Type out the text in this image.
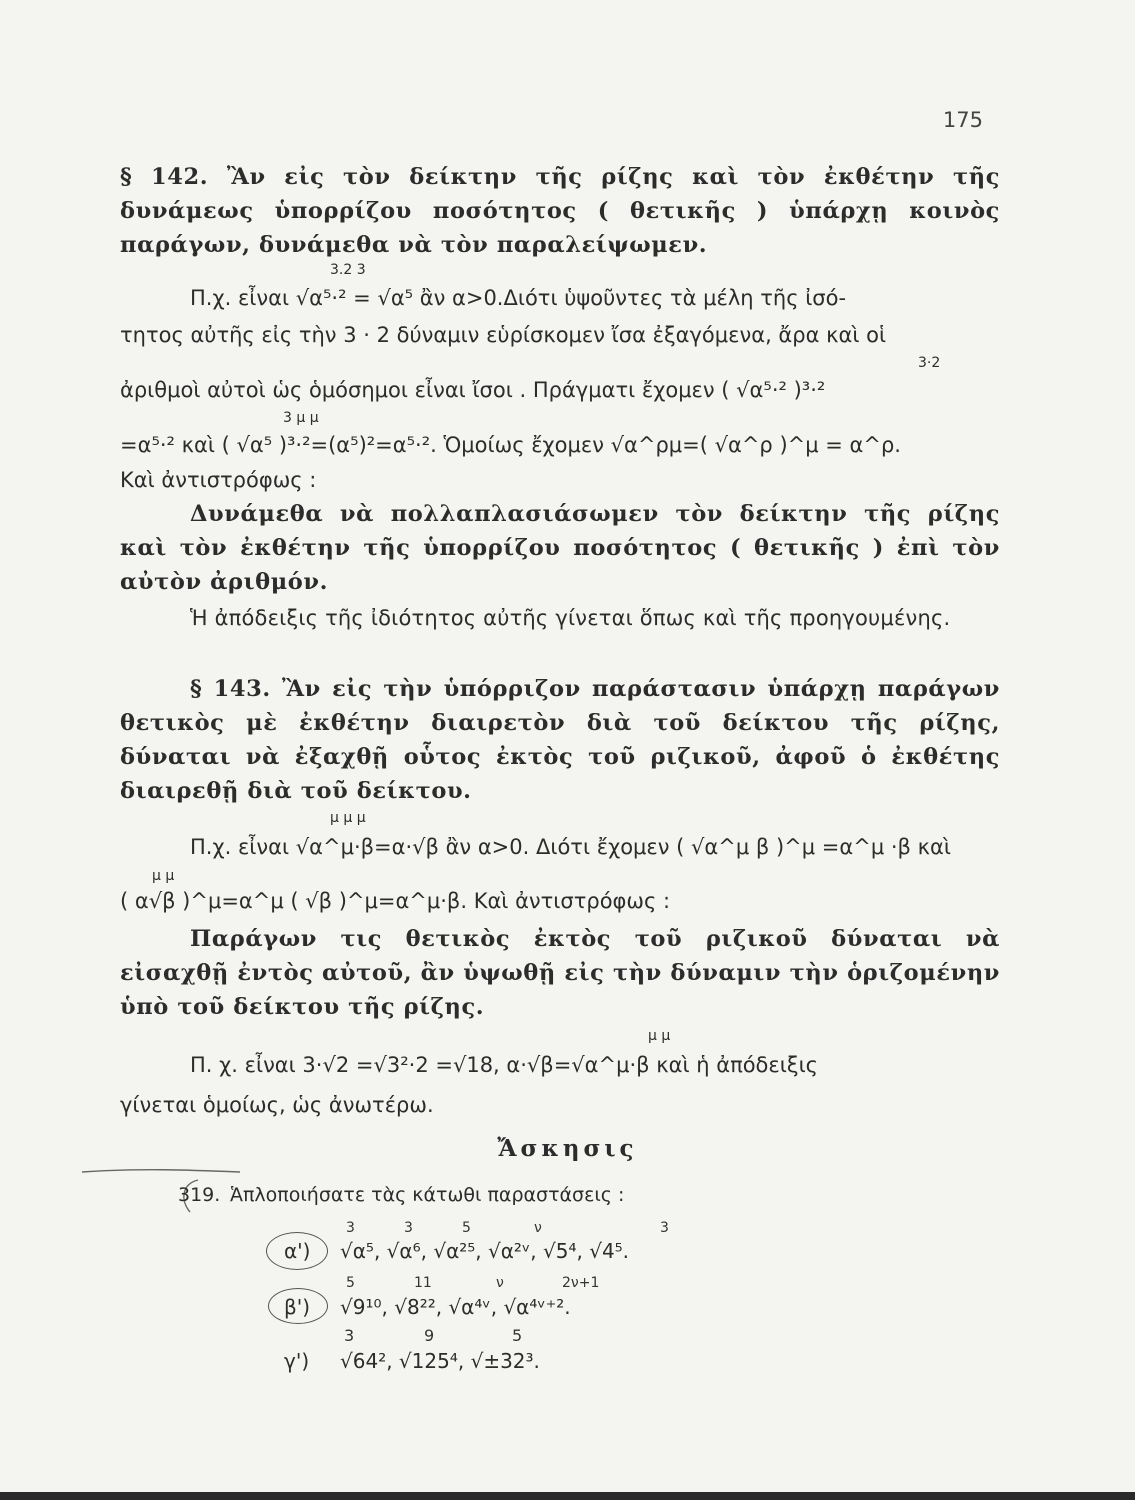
175

§ 142. Ἂν εἰς τὸν δείκτην τῆς ρίζης καὶ τὸν ἐκθέτην τῆς δυνάμεως ὑπορρίζου ποσότητος ( θετικῆς ) ὑπάρχῃ κοινὸς παράγων, δυνάμεθα νὰ τὸν παραλείψωμεν.

3.2 3
Π.χ. εἶναι √α⁵·² = √α⁵ ἂν α>0.Διότι ὑψοῦντες τὰ μέλη τῆς ἰσό-
τητος αὐτῆς εἰς τὴν 3 · 2 δύναμιν εὑρίσκομεν ἴσα ἐξαγόμενα, ἄρα καὶ οἱ
3·2
ἀριθμοὶ αὐτοὶ ὡς ὁμόσημοι εἶναι ἴσοι . Πράγματι ἔχομεν ( √α⁵·² )³·²
3 μ μ
=α⁵·² καὶ ( √α⁵ )³·²=(α⁵)²=α⁵·². Ὁμοίως ἔχομεν √α^ρμ=( √α^ρ )^μ = α^ρ.
Καὶ ἀντιστρόφως :

Δυνάμεθα νὰ πολλαπλασιάσωμεν τὸν δείκτην τῆς ρίζης καὶ τὸν ἐκθέτην τῆς ὑπορρίζου ποσότητος ( θετικῆς ) ἐπὶ τὸν αὐτὸν ἀριθμόν.

Ἡ ἀπόδειξις τῆς ἰδιότητος αὐτῆς γίνεται ὅπως καὶ τῆς προηγουμένης.

§ 143. Ἂν εἰς τὴν ὑπόρριζον παράστασιν ὑπάρχῃ παράγων θετικὸς μὲ ἐκθέτην διαιρετὸν διὰ τοῦ δείκτου τῆς ρίζης, δύναται νὰ ἐξαχθῇ οὗτος ἐκτὸς τοῦ ριζικοῦ, ἀφοῦ ὁ ἐκθέτης διαιρεθῇ διὰ τοῦ δείκτου.

μ μ μ
Π.χ. εἶναι √α^μ·β=α·√β ἂν α>0. Διότι ἔχομεν ( √α^μ β )^μ =α^μ ·β καὶ
μ μ
( α√β )^μ=α^μ ( √β )^μ=α^μ·β. Καὶ ἀντιστρόφως :

Παράγων τις θετικὸς ἐκτὸς τοῦ ριζικοῦ δύναται νὰ εἰσαχθῇ ἐντὸς αὐτοῦ, ἂν ὑψωθῇ εἰς τὴν δύναμιν τὴν ὁριζομένην ὑπὸ τοῦ δείκτου τῆς ρίζης.

μ μ
Π. χ. εἶναι 3·√2 =√3²·2 =√18, α·√β=√α^μ·β καὶ ἡ ἀπόδειξις
γίνεται ὁμοίως, ὡς ἀνωτέρω.
Ἄσκησις
319. Ἁπλοποιήσατε τὰς κάτωθι παραστάσεις :
3	3	5	ν	3
α') √α⁵, √α⁶, √α²⁵, √α²ᵛ, √5⁴, √4⁵.
5	11	ν	2ν+1
β') √9¹⁰, √8²², √α⁴ᵛ, √α⁴ᵛ⁺².
3	9	5
γ') √64², √125⁴, √±32³.
